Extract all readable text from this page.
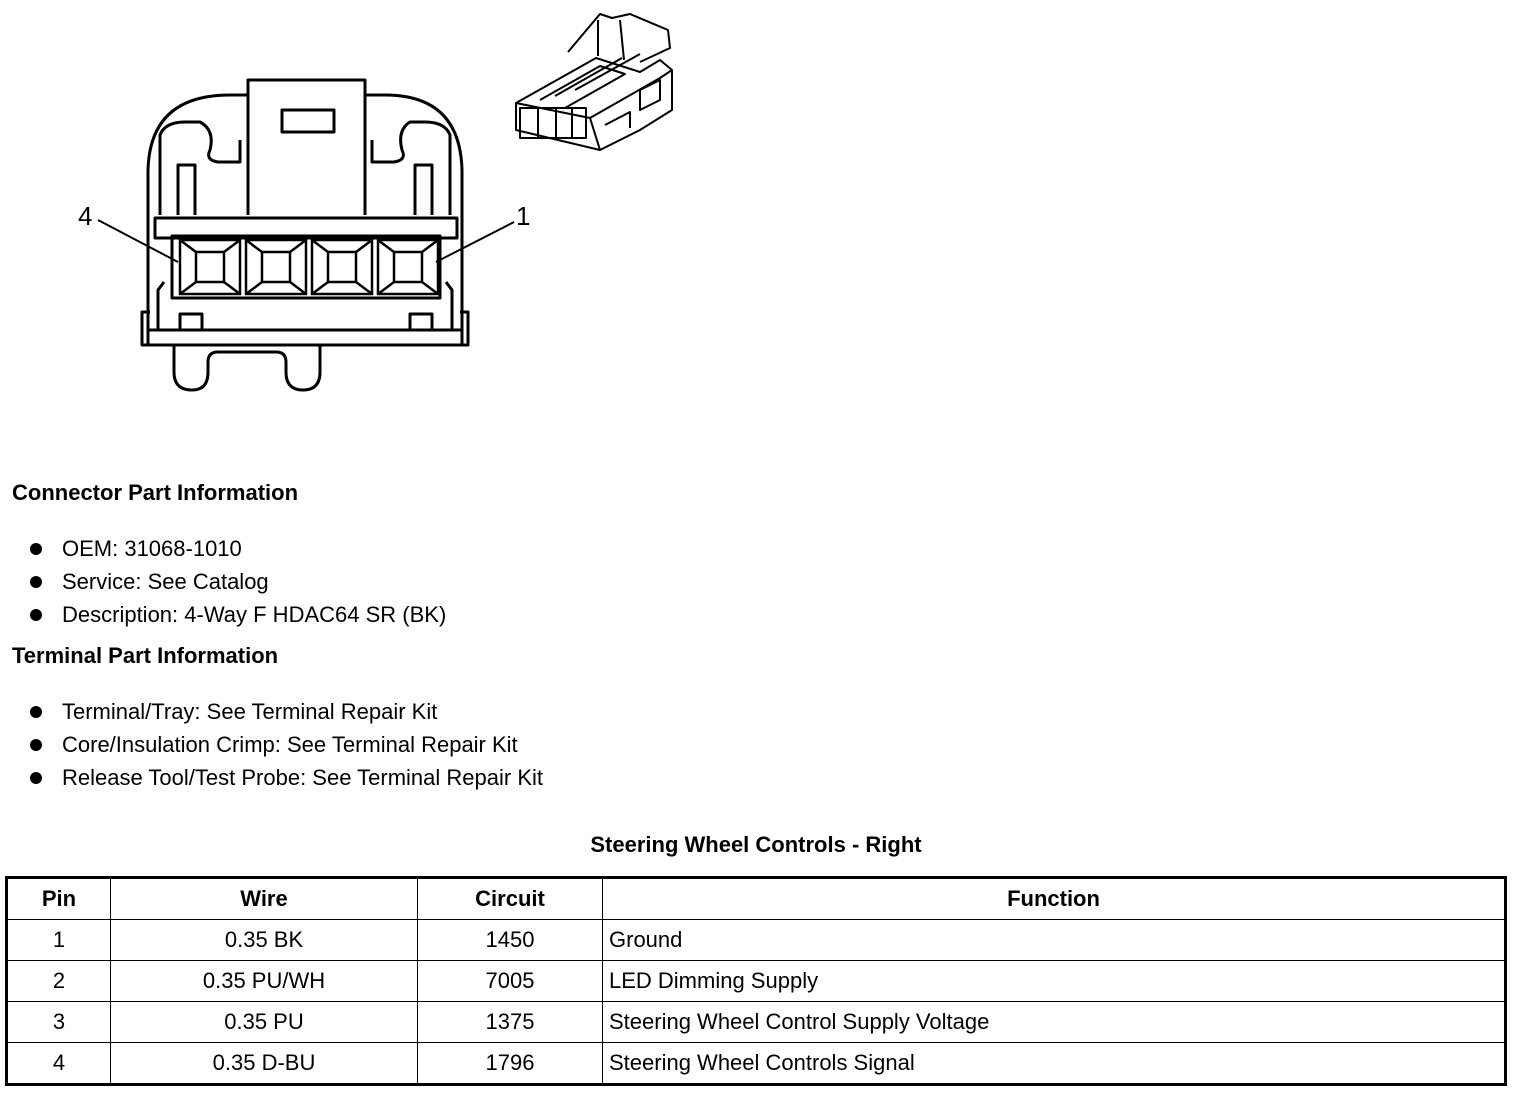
4	1
Connector Part Information
OEM: 31068-1010
Service: See Catalog
Description: 4-Way F HDAC64 SR (BK)
Terminal Part Information
Terminal/Tray: See Terminal Repair Kit
Core/Insulation Crimp: See Terminal Repair Kit
Release Tool/Test Probe: See Terminal Repair Kit
Steering Wheel Controls - Right
Pin	Wire	Circuit	Function
1	0.35 BK	1450	Ground
2	0.35 PU/WH	7005	LED Dimming Supply
3	0.35 PU	1375	Steering Wheel Control Supply Voltage
4	0.35 D-BU	1796	Steering Wheel Controls Signal
